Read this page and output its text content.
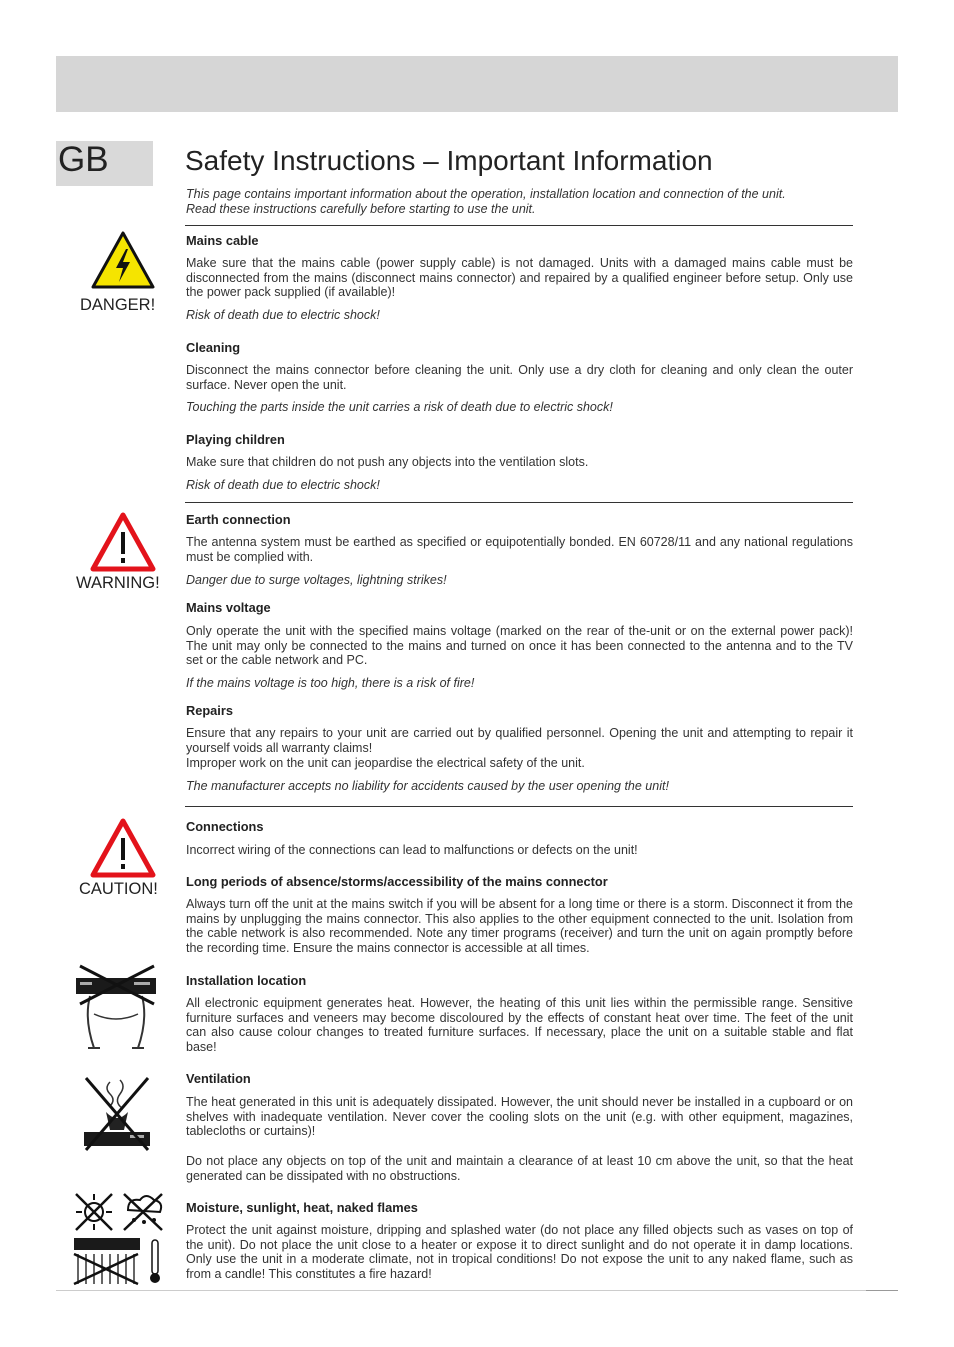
GB	Safety Instructions – Important Information
This page contains important information about the operation, installation location and connection of the unit.
Read these instructions carefully before starting to use the unit.
DANGER!
Mains cable

Make sure that the mains cable (power supply cable) is not damaged. Units with a damaged mains cable must be disconnected from the mains (disconnect mains connector) and repaired by a qualified engineer before setup. Only use the power pack supplied (if available)!

Risk of death due to electric shock!
Cleaning

Disconnect the mains connector before cleaning the unit. Only use a dry cloth for cleaning and only clean the outer surface. Never open the unit.

Touching the parts inside the unit carries a risk of death due to electric shock!
Playing children

Make sure that children do not push any objects into the ventilation slots.

Risk of death due to electric shock!
WARNING!
Earth connection

The antenna system must be earthed as specified or equipotentially bonded. EN 60728/11 and any national regulations must be complied with.

Danger due to surge voltages, lightning strikes!
Mains voltage

Only operate the unit with the specified mains voltage (marked on the rear of the-unit or on the external power pack)! The unit may only be connected to the mains and turned on once it has been connected to the antenna and to the TV set or the cable network and PC.

If the mains voltage is too high, there is a risk of fire!
Repairs

Ensure that any repairs to your unit are carried out by qualified personnel. Opening the unit and attempting to repair it yourself voids all warranty claims!

Improper work on the unit can jeopardise the electrical safety of the unit.

The manufacturer accepts no liability for accidents caused by the user opening the unit!
CAUTION!
Connections

Incorrect wiring of the connections can lead to malfunctions or defects on the unit!

Long periods of absence/storms/accessibility of the mains connector

Always turn off the unit at the mains switch if you will be absent for a long time or there is a storm. Disconnect it from the mains by unplugging the mains connector. This also applies to the other equipment connected to the unit. Isolation from the cable network is also recommended. Note any timer programs (receiver) and turn the unit on again promptly before the recording time. Ensure the mains connector is accessible at all times.

Installation location

All electronic equipment generates heat. However, the heating of this unit lies within the permissible range. Sensitive furniture surfaces and veneers may become discoloured by the effects of constant heat over time. The feet of the unit can also cause colour changes to treated furniture surfaces. If necessary, place the unit on a suitable stable and flat base!

Ventilation

The heat generated in this unit is adequately dissipated. However, the unit should never be installed in a cupboard or on shelves with inadequate ventilation. Never cover the cooling slots on the unit (e.g. with other equipment, magazines, tablecloths or curtains)!

Do not place any objects on top of the unit and maintain a clearance of at least 10 cm above the unit, so that the heat generated can be dissipated with no obstructions.

Moisture, sunlight, heat, naked flames

Protect the unit against moisture, dripping and splashed water (do not place any filled objects such as vases on top of the unit). Do not place the unit close to a heater or expose it to direct sunlight and do not operate it in damp locations. Only use the unit in a moderate climate, not in tropical conditions! Do not expose the unit to any naked flame, such as from a candle! This constitutes a fire hazard!
